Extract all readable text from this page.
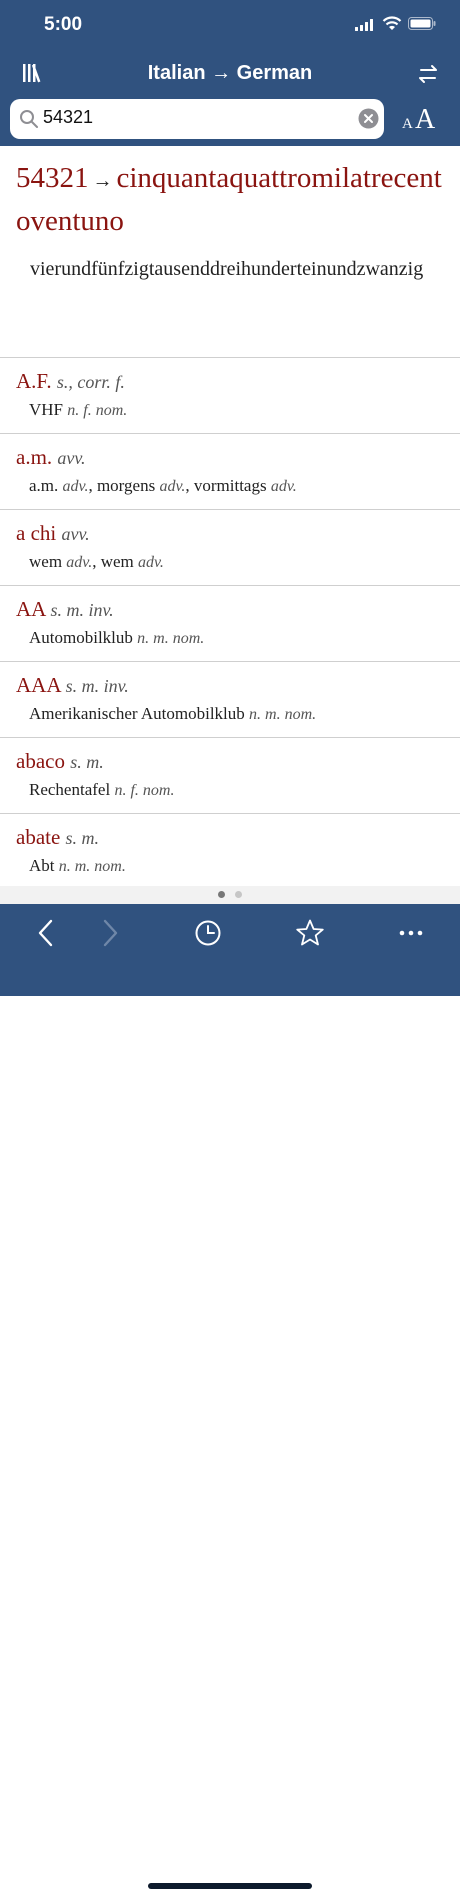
5:00
Italian → German
54321	A A
54321 → cinquantaquattromilatrecentoventuno
vierundfünfzigtausenddreihunderteinundzwanzig
A.F. s., corr. f.
VHF n. f. nom.
a.m. avv.
a.m. adv., morgens adv., vormittags adv.
a chi avv.
wem adv., wem adv.
AA s. m. inv.
Automobilklub n. m. nom.
AAA s. m. inv.
Amerikanischer Automobilklub n. m. nom.
abaco s. m.
Rechentafel n. f. nom.
abate s. m.
Abt n. m. nom.
